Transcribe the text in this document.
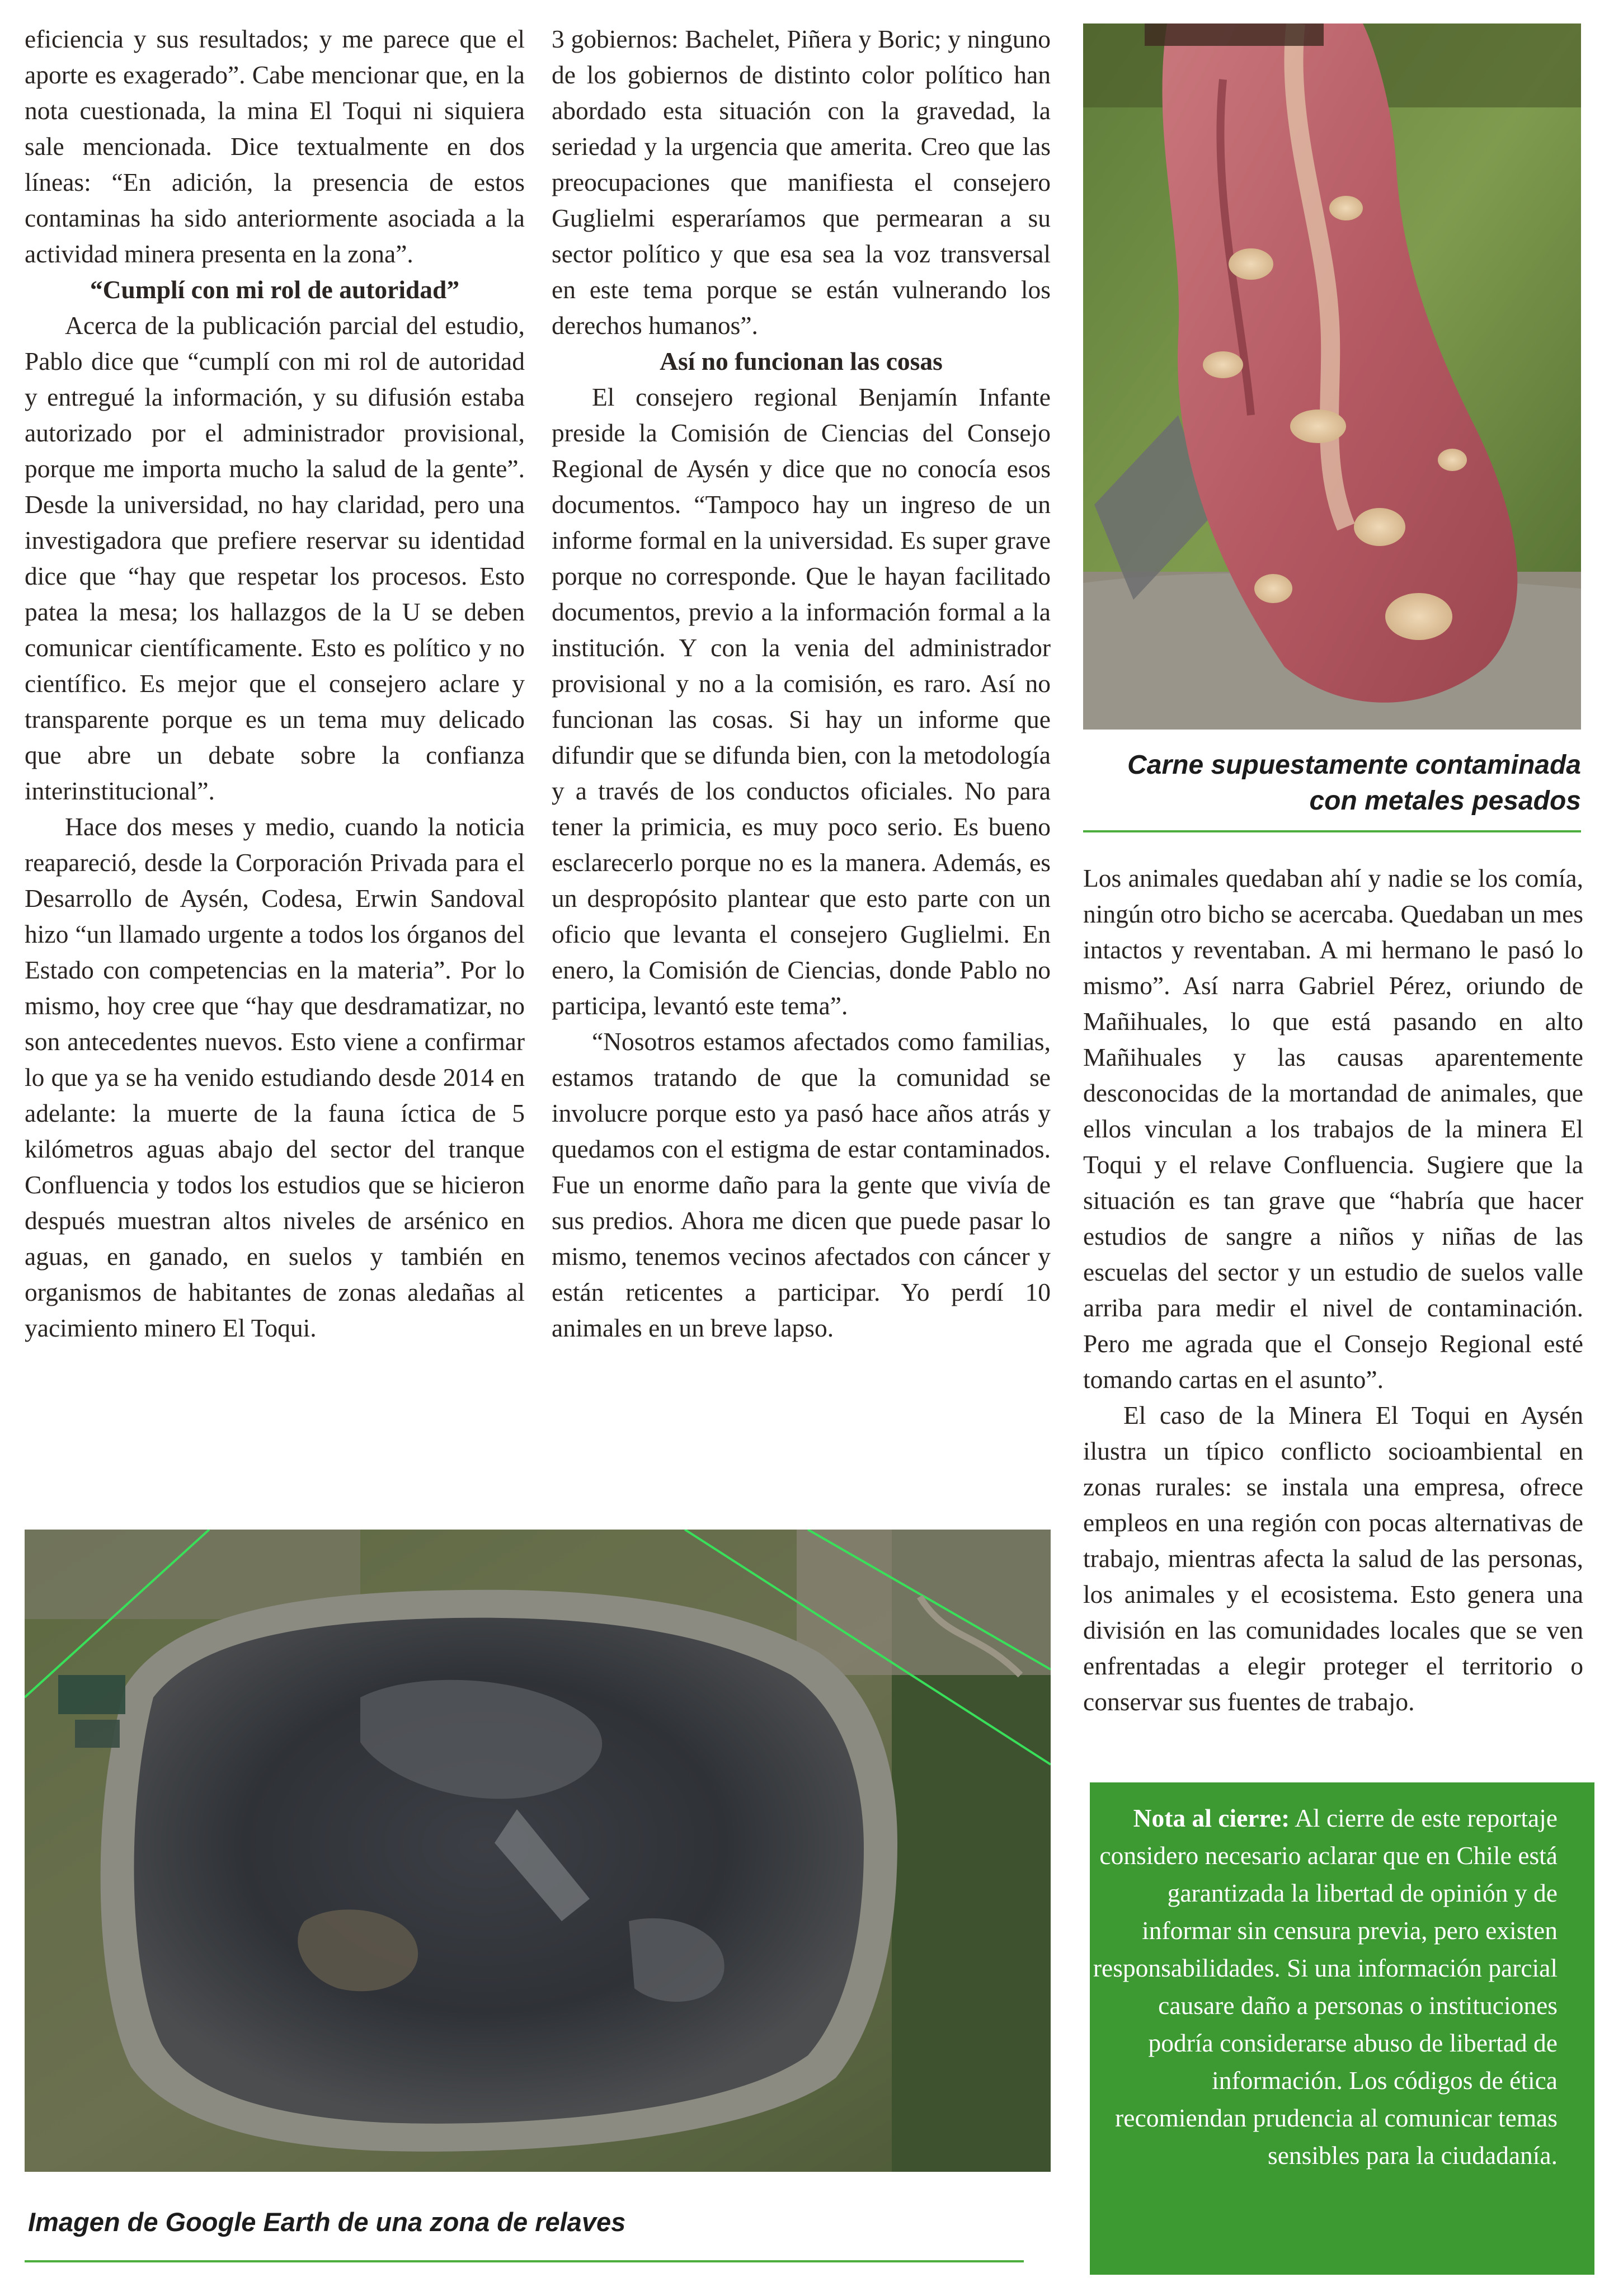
eficiencia y sus resultados; y me parece que el aporte es exagerado”. Cabe mencionar que, en la nota cuestionada, la mina El Toqui ni siquiera sale mencionada. Dice textualmente en dos líneas: “En adición, la presencia de estos contaminas ha sido anteriormente asociada a la actividad minera presenta en la zona”.

“Cumplí con mi rol de autoridad”

Acerca de la publicación parcial del estudio, Pablo dice que “cumplí con mi rol de autoridad y entregué la información, y su difusión estaba autorizado por el administrador provisional, porque me importa mucho la salud de la gente”. Desde la universidad, no hay claridad, pero una investigadora que prefiere reservar su identidad dice que “hay que respetar los procesos. Esto patea la mesa; los hallazgos de la U se deben comunicar científicamente. Esto es político y no científico. Es mejor que el consejero aclare y transparente porque es un tema muy delicado que abre un debate sobre la confianza interinstitucional”.

Hace dos meses y medio, cuando la noticia reapareció, desde la Corporación Privada para el Desarrollo de Aysén, Codesa, Erwin Sandoval hizo “un llamado urgente a todos los órganos del Estado con competencias en la materia”. Por lo mismo, hoy cree que “hay que desdramatizar, no son antecedentes nuevos. Esto viene a confirmar lo que ya se ha venido estudiando desde 2014 en adelante: la muerte de la fauna íctica de 5 kilómetros aguas abajo del sector del tranque Confluencia y todos los estudios que se hicieron después muestran altos niveles de arsénico en aguas, en ganado, en suelos y también en organismos de habitantes de zonas aledañas al yacimiento minero El Toqui.

3 gobiernos: Bachelet, Piñera y Boric; y ninguno de los gobiernos de distinto color político han abordado esta situación con la gravedad, la seriedad y la urgencia que amerita. Creo que las preocupaciones que manifiesta el consejero Guglielmi esperaríamos que permearan a su sector político y que esa sea la voz transversal en este tema porque se están vulnerando los derechos humanos”.

Así no funcionan las cosas

El consejero regional Benjamín Infante preside la Comisión de Ciencias del Consejo Regional de Aysén y dice que no conocía esos documentos. “Tampoco hay un ingreso de un informe formal en la universidad. Es super grave porque no corresponde. Que le hayan facilitado documentos, previo a la información formal a la institución. Y con la venia del administrador provisional y no a la comisión, es raro. Así no funcionan las cosas. Si hay un informe que difundir que se difunda bien, con la metodología y a través de los conductos oficiales. No para tener la primicia, es muy poco serio. Es bueno esclarecerlo porque no es la manera. Además, es un despropósito plantear que esto parte con un oficio que levanta el consejero Guglielmi. En enero, la Comisión de Ciencias, donde Pablo no participa, levantó este tema”.

“Nosotros estamos afectados como familias, estamos tratando de que la comunidad se involucre porque esto ya pasó hace años atrás y quedamos con el estigma de estar contaminados. Fue un enorme daño para la gente que vivía de sus predios. Ahora me dicen que puede pasar lo mismo, tenemos vecinos afectados con cáncer y están reticentes a participar. Yo perdí 10 animales en un breve lapso.

Carne supuestamente contaminada
con metales pesados

Los animales quedaban ahí y nadie se los comía, ningún otro bicho se acercaba. Quedaban un mes intactos y reventaban. A mi hermano le pasó lo mismo”. Así narra Gabriel Pérez, oriundo de Mañihuales, lo que está pasando en alto Mañihuales y las causas aparentemente desconocidas de la mortandad de animales, que ellos vinculan a los trabajos de la minera El Toqui y el relave Confluencia. Sugiere que la situación es tan grave que “habría que hacer estudios de sangre a niños y niñas de las escuelas del sector y un estudio de suelos valle arriba para medir el nivel de contaminación. Pero me agrada que el Consejo Regional esté tomando cartas en el asunto”.

El caso de la Minera El Toqui en Aysén ilustra un típico conflicto socioambiental en zonas rurales: se instala una empresa, ofrece empleos en una región con pocas alternativas de trabajo, mientras afecta la salud de las personas, los animales y el ecosistema. Esto genera una división en las comunidades locales que se ven enfrentadas a elegir proteger el territorio o conservar sus fuentes de trabajo.

Imagen de Google Earth de una zona de relaves
Nota al cierre: Al cierre de este reportaje considero necesario aclarar que en Chile está garantizada la libertad de opinión y de informar sin censura previa, pero existen responsabilidades. Si una información parcial causare daño a personas o instituciones podría considerarse abuso de libertad de información. Los códigos de ética recomiendan prudencia al comunicar temas sensibles para la ciudadanía.
